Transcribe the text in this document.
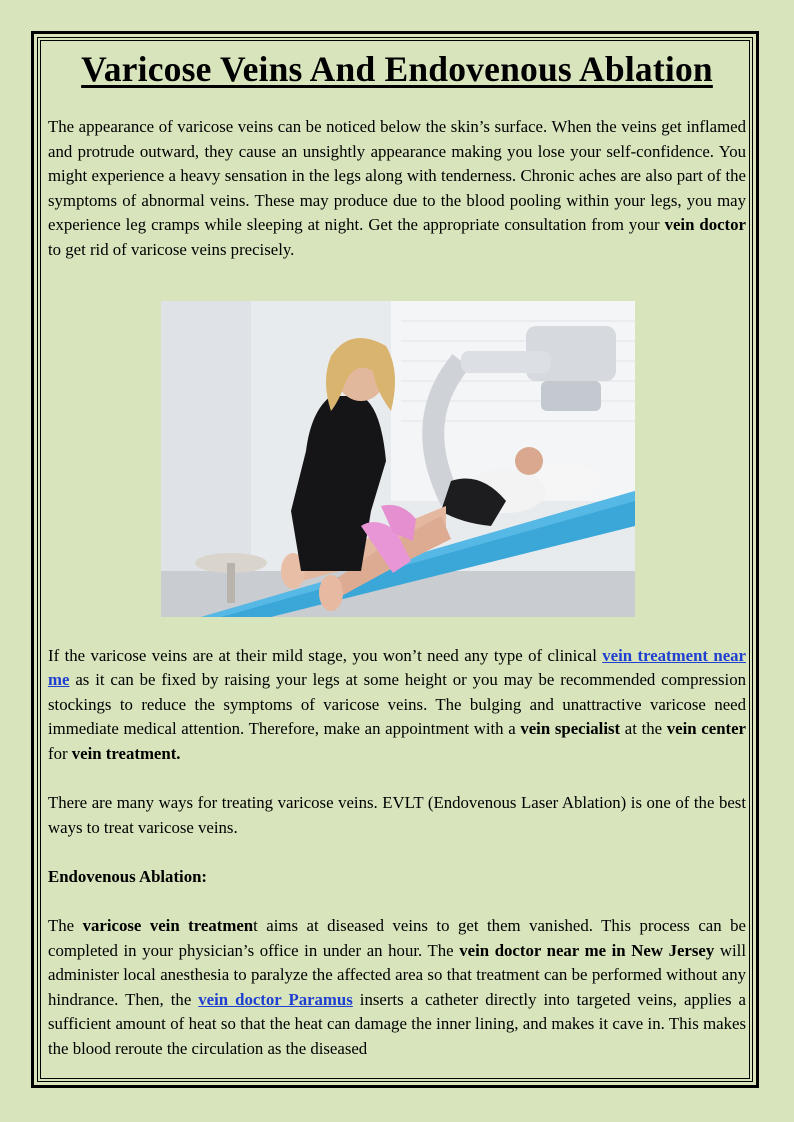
Varicose Veins And Endovenous Ablation

The appearance of varicose veins can be noticed below the skin’s surface. When the veins get inflamed and protrude outward, they cause an unsightly appearance making you lose your self-confidence. You might experience a heavy sensation in the legs along with tenderness. Chronic aches are also part of the symptoms of abnormal veins. These may produce due to the blood pooling within your legs, you may experience leg cramps while sleeping at night. Get the appropriate consultation from your vein doctor to get rid of varicose veins precisely.

If the varicose veins are at their mild stage, you won’t need any type of clinical vein treatment near me as it can be fixed by raising your legs at some height or you may be recommended compression stockings to reduce the symptoms of varicose veins. The bulging and unattractive varicose need immediate medical attention. Therefore, make an appointment with a vein specialist at the vein center for vein treatment.

There are many ways for treating varicose veins. EVLT (Endovenous Laser Ablation) is one of the best ways to treat varicose veins.

Endovenous Ablation:

The varicose vein treatment aims at diseased veins to get them vanished. This process can be completed in your physician’s office in under an hour. The vein doctor near me in New Jersey will administer local anesthesia to paralyze the affected area so that treatment can be performed without any hindrance. Then, the vein doctor Paramus inserts a catheter directly into targeted veins, applies a sufficient amount of heat so that the heat can damage the inner lining, and makes it cave in. This makes the blood reroute the circulation as the diseased
